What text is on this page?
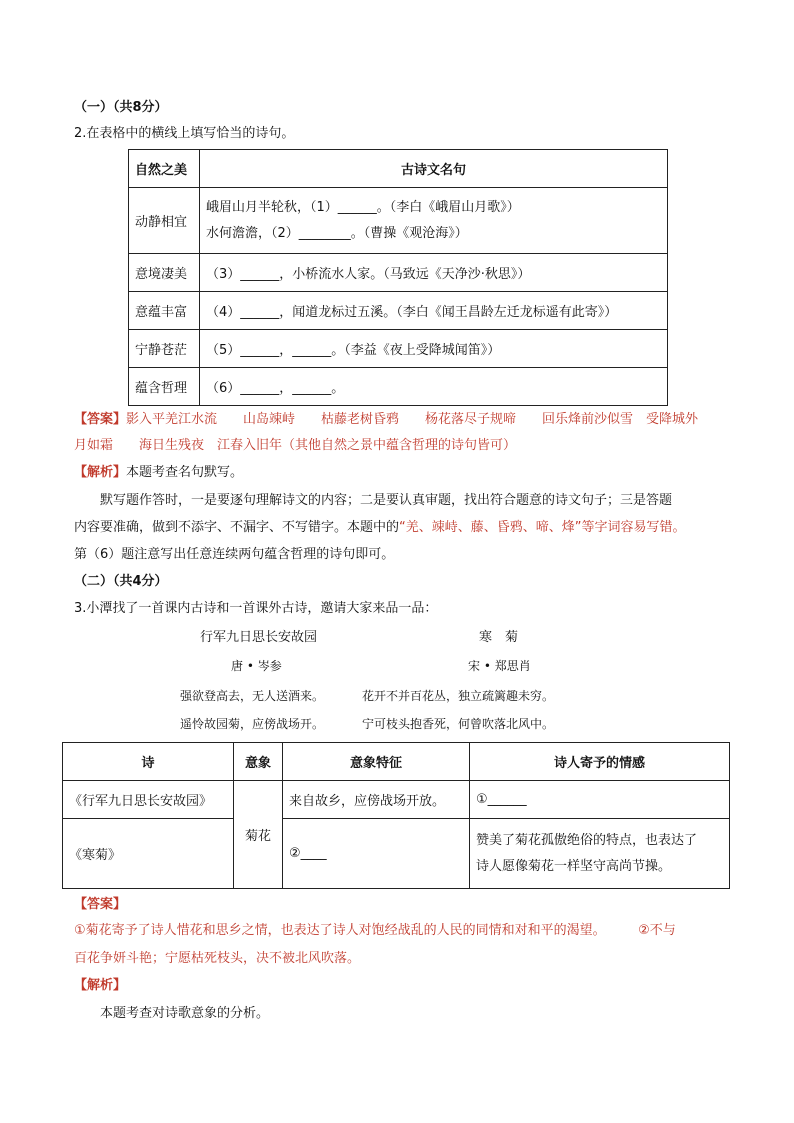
（一）（共8分）
2.在表格中的横线上填写恰当的诗句。
自然之美	古诗文名句
动静相宜	峨眉山月半轮秋，（1）______。（李白《峨眉山月歌》）
水何澹澹，（2）________。（曹操《观沧海》）

意境凄美	（3）______，小桥流水人家。（马致远《天净沙·秋思》）
意蕴丰富	（4）______，闻道龙标过五溪。（李白《闻王昌龄左迁龙标遥有此寄》）
宁静苍茫	（5）______，______。（李益《夜上受降城闻笛》）
蕴含哲理	（6）______，______。
【答案】影入平羌江水流　　山岛竦峙　　枯藤老树昏鸦　　杨花落尽子规啼　　回乐烽前沙似雪　受降城外
月如霜　　海日生残夜　江春入旧年（其他自然之景中蕴含哲理的诗句皆可）
【解析】本题考查名句默写。
默写题作答时，一是要逐句理解诗文的内容；二是要认真审题，找出符合题意的诗文句子；三是答题
内容要准确，做到不添字、不漏字、不写错字。本题中的“羌、竦峙、藤、昏鸦、啼、烽”等字词容易写错。
第（6）题注意写出任意连续两句蕴含哲理的诗句即可。
（二）（共4分）
3.小潭找了一首课内古诗和一首课外古诗，邀请大家来品一品：
行军九日思长安故园
唐 • 岑参
强欲登高去，无人送酒来。
遥怜故园菊，应傍战场开。
寒　菊
宋 • 郑思肖
花开不并百花丛，独立疏篱趣未穷。
宁可枝头抱香死，何曾吹落北风中。
诗	意象	意象特征	诗人寄予的情感
《行军九日思长安故园》	菊花	来自故乡，应傍战场开放。	①______
《寒菊》		②____	赞美了菊花孤傲绝俗的特点，也表达了
诗人愿像菊花一样坚守高尚节操。
【答案】
①菊花寄予了诗人惜花和思乡之情，也表达了诗人对饱经战乱的人民的同情和对和平的渴望。　　　②不与
百花争妍斗艳；宁愿枯死枝头，决不被北风吹落。
【解析】
本题考查对诗歌意象的分析。
